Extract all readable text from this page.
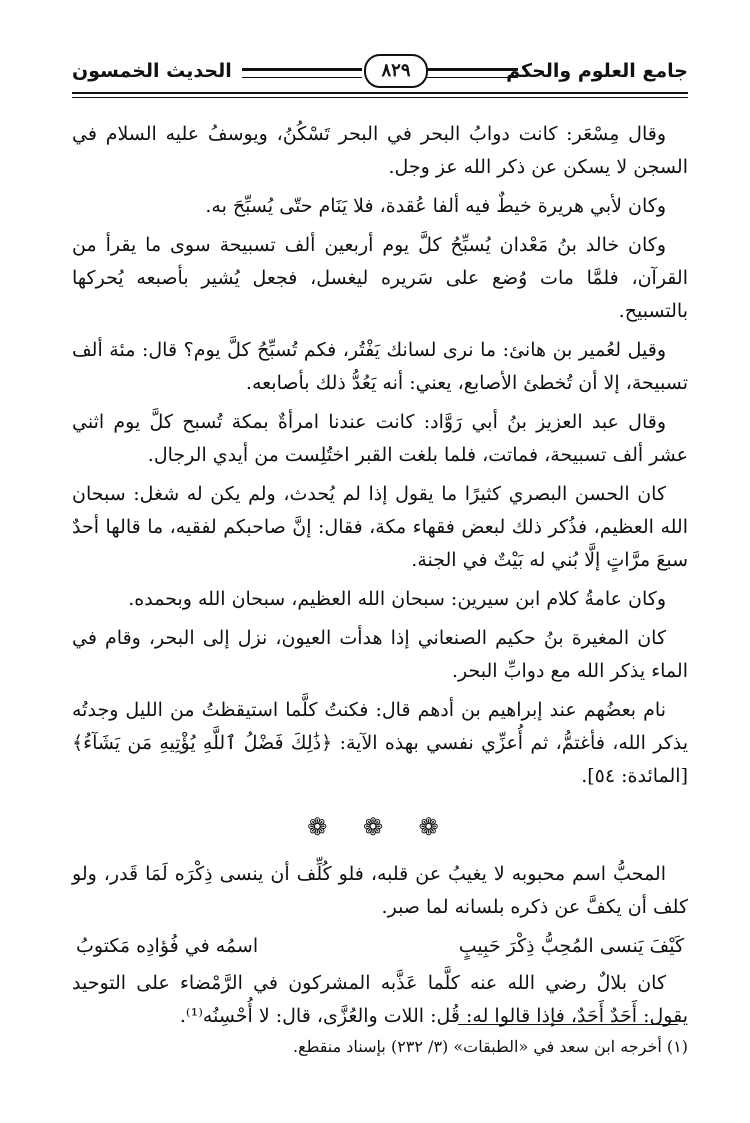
جامع العلوم والحكم
٨٢٩
الحديث الخمسون

وقال مِسْعَر: كانت دوابُ البحر في البحر تَسْكُنُ، ويوسفُ عليه السلام في السجن لا يسكن عن ذكر الله عز وجل.

وكان لأبي هريرة خيطٌ فيه ألفا عُقدة، فلا يَنَام حتّى يُسبِّحَ به.

وكان خالد بنُ مَعْدان يُسبِّحُ كلَّ يوم أربعين ألف تسبيحة سوى ما يقرأ من القرآن، فلمَّا مات وُضع على سَريره ليغسل، فجعل يُشير بأصبعه يُحركها بالتسبيح.

وقيل لعُمير بن هانئ: ما نرى لسانك يَفْتُر، فكم تُسبِّحُ كلَّ يوم؟ قال: مئة ألف تسبيحة، إلا أن تُخطئ الأصابع، يعني: أنه يَعُدُّ ذلك بأصابعه.

وقال عبد العزيز بنُ أبي رَوَّاد: كانت عندنا امرأةٌ بمكة تُسبح كلَّ يوم اثني عشر ألف تسبيحة، فماتت، فلما بلغت القبر اختُلِست من أيدي الرجال.

كان الحسن البصري كثيرًا ما يقول إذا لم يُحدث، ولم يكن له شغل: سبحان الله العظيم، فذُكر ذلك لبعض فقهاء مكة، فقال: إنَّ صاحبكم لفقيه، ما قالها أحدٌ سبعَ مرَّاتٍ إلَّا بُني له بَيْتٌ في الجنة.

وكان عامةُ كلام ابن سيرين: سبحان الله العظيم، سبحان الله وبحمده.

كان المغيرة بنُ حكيم الصنعاني إذا هدأت العيون، نزل إلى البحر، وقام في الماء يذكر الله مع دوابِّ البحر.

نام بعضُهم عند إبراهيم بن أدهم قال: فكنتُ كلَّما استيقظتُ من الليل وجدتُه يذكر الله، فأغتمُّ، ثم أُعزِّي نفسي بهذه الآية: ﴿ذَٰلِكَ فَضْلُ ٱللَّهِ يُؤْتِيهِ مَن يَشَآءُ﴾ [المائدة: ٥٤].

❁ ❁ ❁

المحبُّ اسم محبوبه لا يغيبُ عن قلبه، فلو كُلِّف أن ينسى ذِكْرَه لَمَا قَدر، ولو كلف أن يكفَّ عن ذكره بلسانه لما صبر.

كَيْفَ يَنسى المُحِبُّ ذِكْرَ حَبِيبٍ
اسمُه في فُؤادِه مَكتوبُ

كان بلالٌ رضي الله عنه كلَّما عَذَّبه المشركون في الرَّمْضاء على التوحيد يقول: أَحَدٌ أَحَدٌ، فإذا قالوا له: قُل: اللات والعُزَّى، قال: لا أُحْسِنُه⁽¹⁾.

(١) أخرجه ابن سعد في «الطبقات» (٣/ ٢٣٢) بإسناد منقطع.
